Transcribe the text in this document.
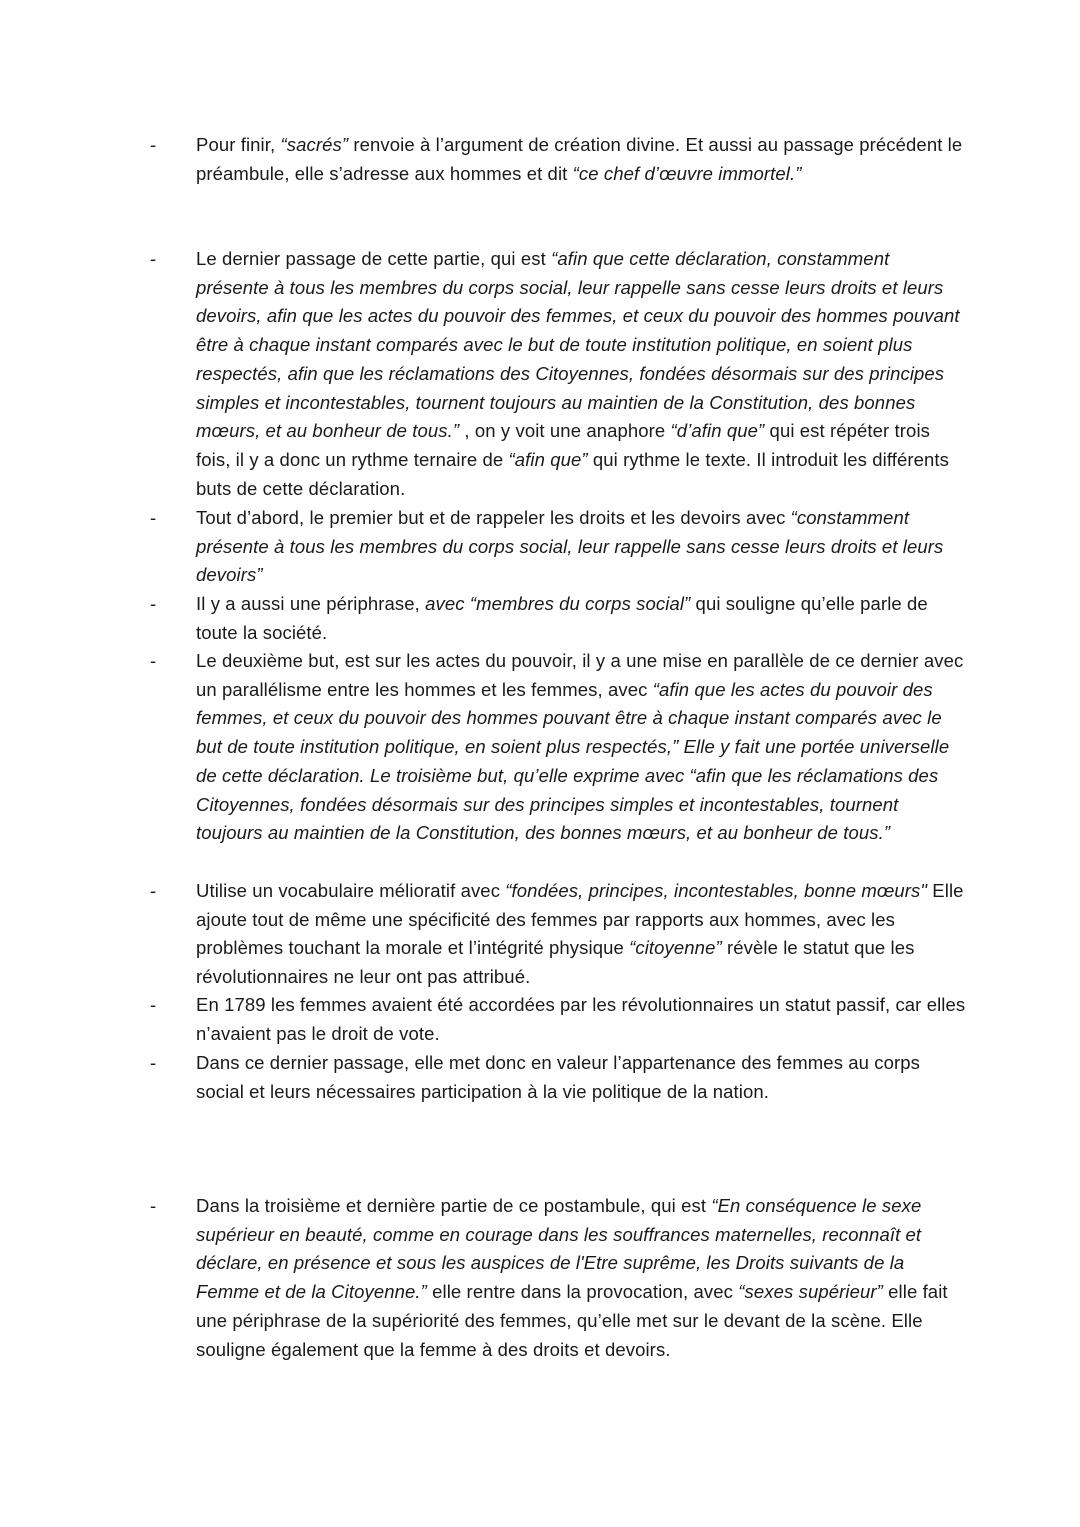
- Pour finir, “sacrés” renvoie à l’argument de création divine. Et aussi au passage précédent le préambule, elle s’adresse aux hommes et dit “ce chef d’œuvre immortel.”

- Le dernier passage de cette partie, qui est “afin que cette déclaration, constamment présente à tous les membres du corps social, leur rappelle sans cesse leurs droits et leurs devoirs, afin que les actes du pouvoir des femmes, et ceux du pouvoir des hommes pouvant être à chaque instant comparés avec le but de toute institution politique, en soient plus respectés, afin que les réclamations des Citoyennes, fondées désormais sur des principes simples et incontestables, tournent toujours au maintien de la Constitution, des bonnes mœurs, et au bonheur de tous.” , on y voit une anaphore “d’afin que” qui est répéter trois fois, il y a donc un rythme ternaire de “afin que” qui rythme le texte. Il introduit les différents buts de cette déclaration.

- Tout d’abord, le premier but et de rappeler les droits et les devoirs avec “constamment présente à tous les membres du corps social, leur rappelle sans cesse leurs droits et leurs devoirs”

- Il y a aussi une périphrase, avec “membres du corps social” qui souligne qu’elle parle de toute la société.

- Le deuxième but, est sur les actes du pouvoir, il y a une mise en parallèle de ce dernier avec un parallélisme entre les hommes et les femmes, avec “afin que les actes du pouvoir des femmes, et ceux du pouvoir des hommes pouvant être à chaque instant comparés avec le but de toute institution politique, en soient plus respectés,” Elle y fait une portée universelle de cette déclaration. Le troisième but, qu’elle exprime avec “afin que les réclamations des Citoyennes, fondées désormais sur des principes simples et incontestables, tournent toujours au maintien de la Constitution, des bonnes mœurs, et au bonheur de tous.”

- Utilise un vocabulaire mélioratif avec “fondées, principes, incontestables, bonne mœurs" Elle ajoute tout de même une spécificité des femmes par rapports aux hommes, avec les problèmes touchant la morale et l’intégrité physique “citoyenne” révèle le statut que les révolutionnaires ne leur ont pas attribué.

- En 1789 les femmes avaient été accordées par les révolutionnaires un statut passif, car elles n’avaient pas le droit de vote.

- Dans ce dernier passage, elle met donc en valeur l’appartenance des femmes au corps social et leurs nécessaires participation à la vie politique de la nation.

- Dans la troisième et dernière partie de ce postambule, qui est “En conséquence le sexe supérieur en beauté, comme en courage dans les souffrances maternelles, reconnaît et déclare, en présence et sous les auspices de l'Etre suprême, les Droits suivants de la Femme et de la Citoyenne.” elle rentre dans la provocation, avec “sexes supérieur” elle fait une périphrase de la supériorité des femmes, qu’elle met sur le devant de la scène. Elle souligne également que la femme à des droits et devoirs.
